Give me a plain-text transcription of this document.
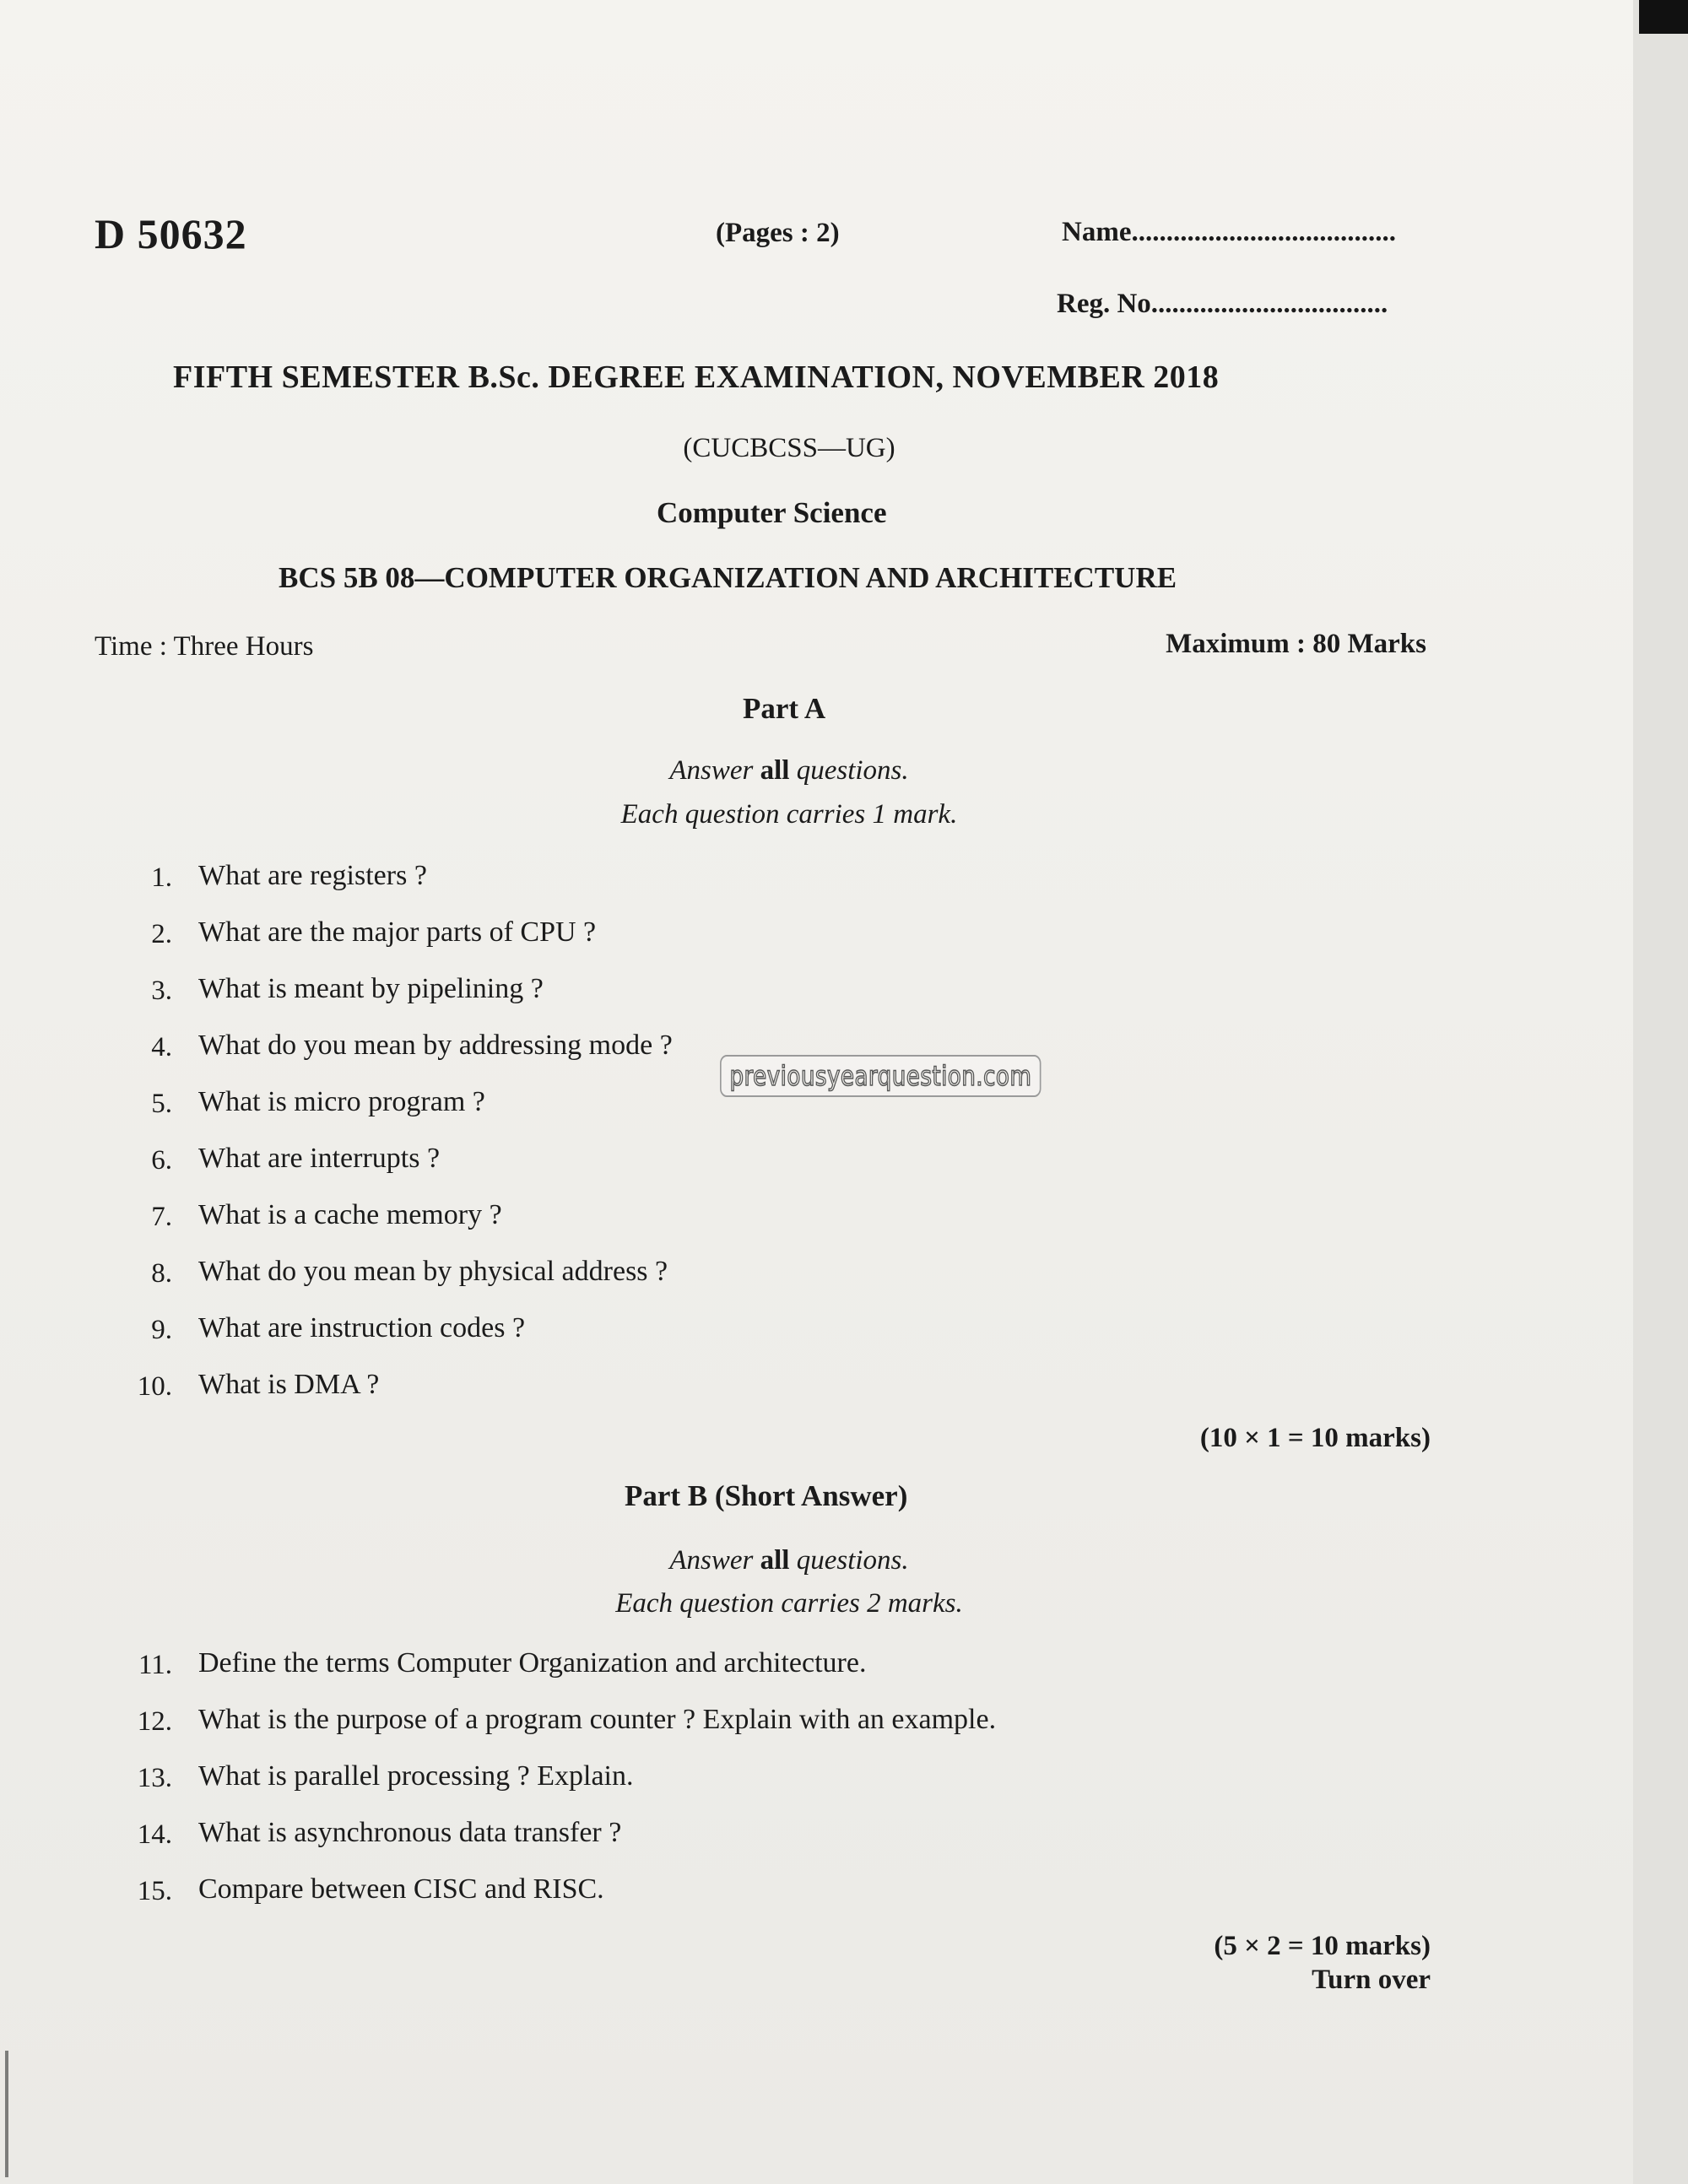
D 50632	(Pages : 2)	Name......................................
Reg. No..................................
FIFTH SEMESTER B.Sc. DEGREE EXAMINATION, NOVEMBER 2018
(CUCBCSS—UG)
Computer Science
BCS 5B 08—COMPUTER ORGANIZATION AND ARCHITECTURE
Time : Three Hours	Maximum : 80 Marks
Part A
Answer all questions.
Each question carries 1 mark.
1. What are registers ?
2. What are the major parts of CPU ?
3. What is meant by pipelining ?
4. What do you mean by addressing mode ?
5. What is micro program ?
6. What are interrupts ?
7. What is a cache memory ?
8. What do you mean by physical address ?
9. What are instruction codes ?
10. What is DMA ?
(10 × 1 = 10 marks)
Part B (Short Answer)
Answer all questions.
Each question carries 2 marks.
11. Define the terms Computer Organization and architecture.
12. What is the purpose of a program counter ? Explain with an example.
13. What is parallel processing ? Explain.
14. What is asynchronous data transfer ?
15. Compare between CISC and RISC.
(5 × 2 = 10 marks)
Turn over
previousyearquestion.com
